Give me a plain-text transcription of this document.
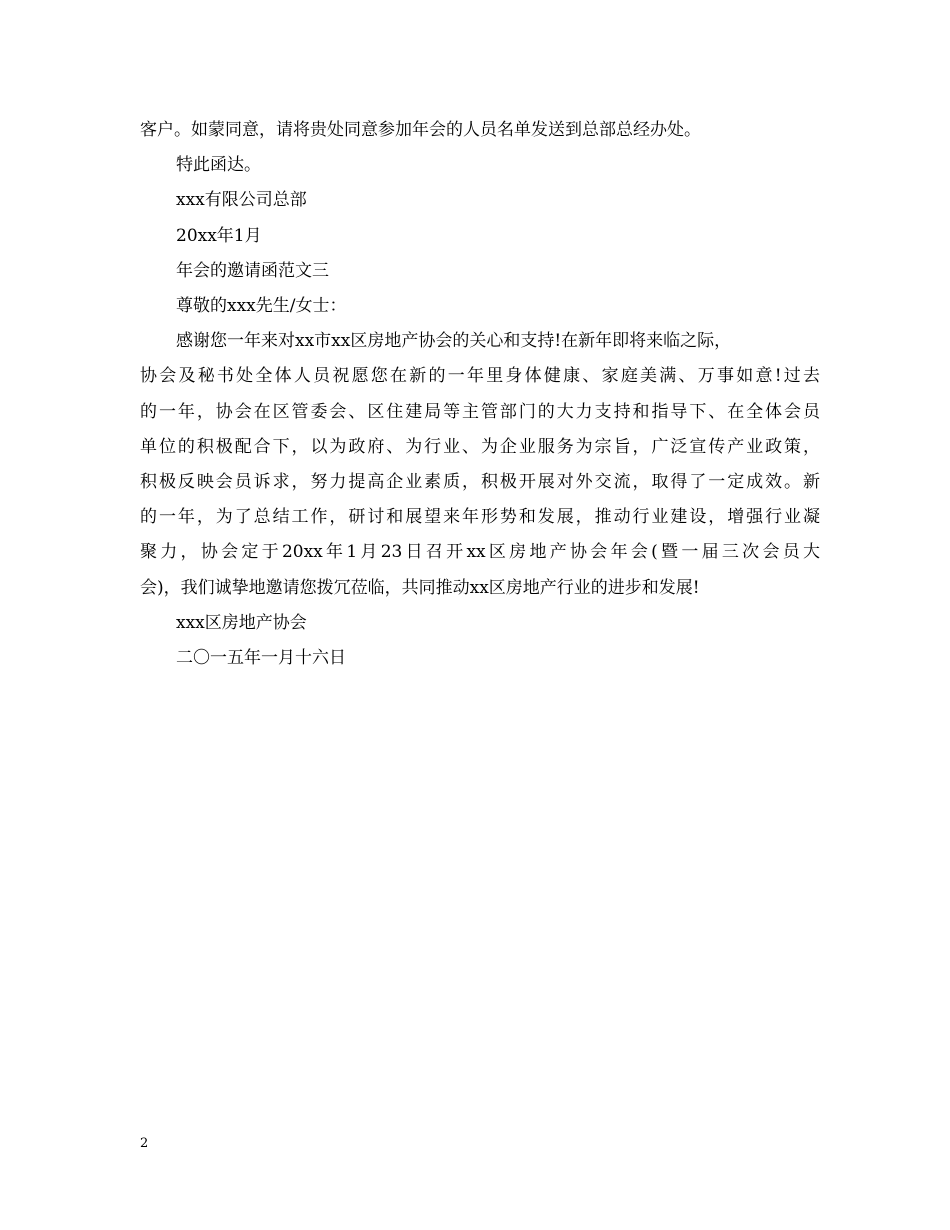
客户。如蒙同意，请将贵处同意参加年会的人员名单发送到总部总经办处。

特此函达。

xxx有限公司总部

20xx年1月

年会的邀请函范文三

尊敬的xxx先生/女士：

感谢您一年来对xx市xx区房地产协会的关心和支持!在新年即将来临之际，

协会及秘书处全体人员祝愿您在新的一年里身体健康、家庭美满、万事如意!过去

的一年，协会在区管委会、区住建局等主管部门的大力支持和指导下、在全体会员

单位的积极配合下，以为政府、为行业、为企业服务为宗旨，广泛宣传产业政策，

积极反映会员诉求，努力提高企业素质，积极开展对外交流，取得了一定成效。新

的一年，为了总结工作，研讨和展望来年形势和发展，推动行业建设，增强行业凝

聚力，协会定于20xx年1月23日召开xx区房地产协会年会(暨一届三次会员大

会)，我们诚挚地邀请您拨冗莅临，共同推动xx区房地产行业的进步和发展!

xxx区房地产协会

二〇一五年一月十六日

2
